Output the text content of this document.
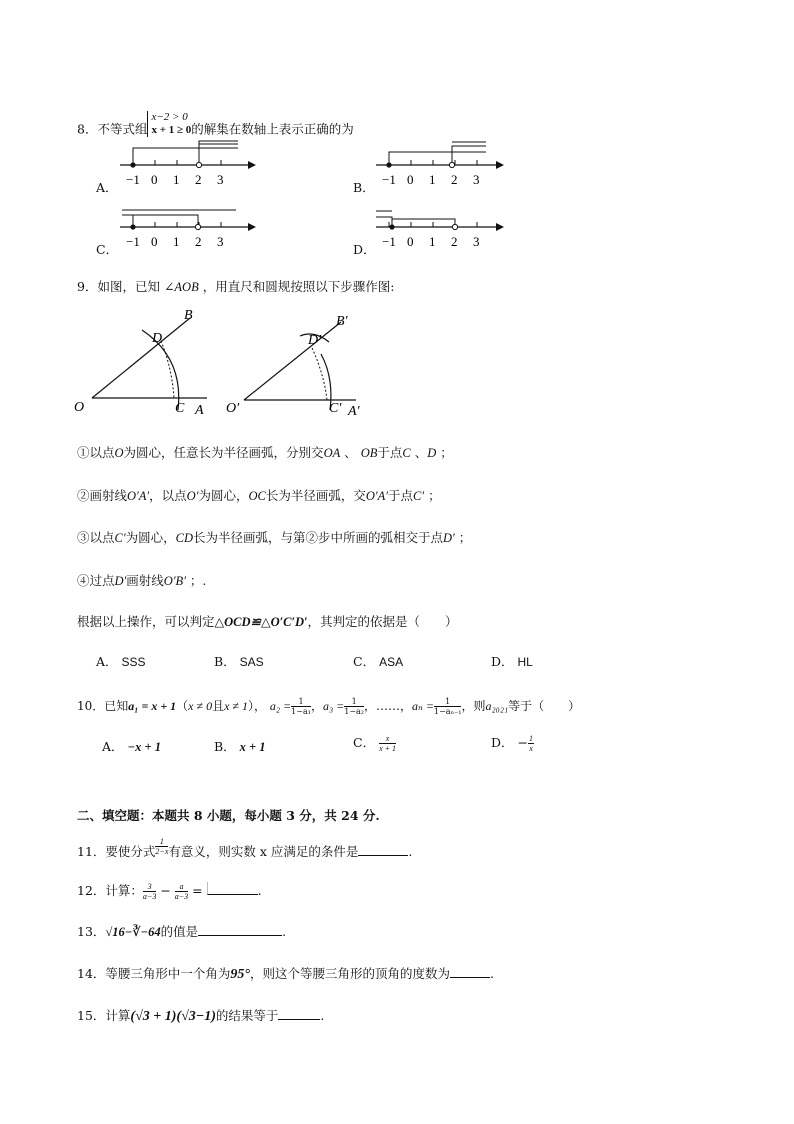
8．不等式组
x−2 > 0
x + 1 ≥ 0 的解集在数轴上表示正确的为
A．	B．
C．	D．
−1 0 1 2 3	−1 0 1 2 3
−1 0 1 2 3	−1 0 1 2 3
9．如图，已知 ∠AOB ，用直尺和圆规按照以下步骤作图:
O	A
B
C
D
O′	A′
B′
C′
D′
①以点O为圆心，任意长为半径画弧，分别交OA 、 OB于点C 、D ；
②画射线O′A′，以点O′为圆心，OC长为半径画弧，交O′A′于点C′ ；
③以点C′为圆心，CD长为半径画弧，与第②步中所画的弧相交于点D′ ；
④过点D′画射线O′B′ ；.
根据以上操作，可以判定△OCD≌△O′C′D′，其判定的依据是（　　）
A． SSS	B． SAS	C． ASA	D． HL
10．已知a₁ = x + 1（x ≠ 0且x ≠ 1）， $a_2 = \frac{1}{\text{1−a₁}}$ ，$a_3 = \frac{1}{\text{1−a₂}}$ ，……，$a_n = \frac{1}{\text{1−aₙ₋₁}}$ ，则a₂₀₂₁等于（　　）
A． −x + 1	B． x + 1	C． $\frac{x}{x + 1}$	D． − $\frac{1}{x}$
二、填空题：本题共 8 小题，每小题 3 分，共 24 分.
11．要使分式 $\frac{1}{2-x}$ 有意义，则实数 x 应满足的条件是	.
12．计算： $\frac{3}{a-3} - \frac{a}{a-3}$ =	.
13．√16−∛−64的值是	.
14．等腰三角形中一个角为95°，则这个等腰三角形的顶角的度数为	.
15．计算(√3 + 1)(√3−1)的结果等于	.
